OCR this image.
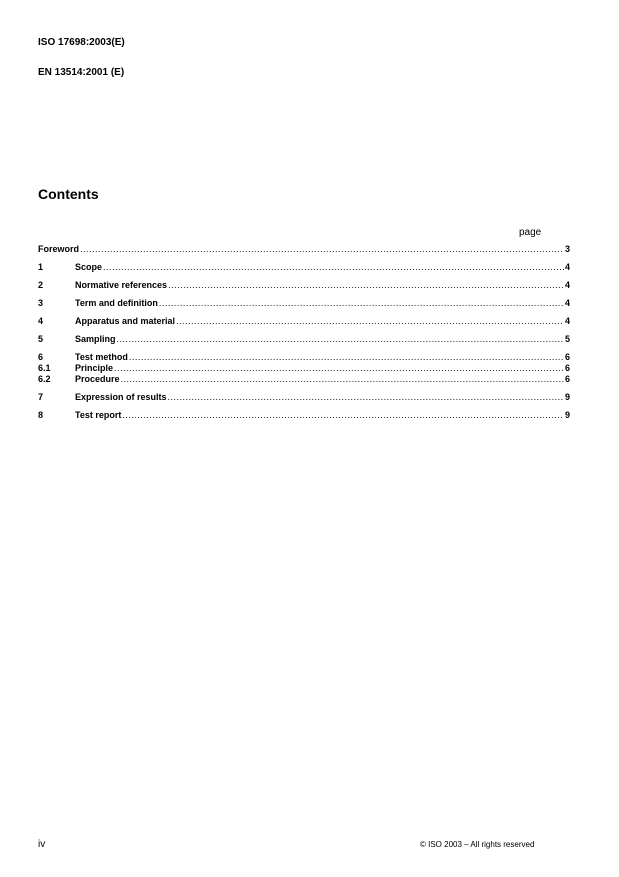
ISO 17698:2003(E)
EN 13514:2001 (E)
Contents
page
Foreword .....	3
1	Scope .....	4
2	Normative references .....	4
3	Term and definition .....	4
4	Apparatus and material .....	4
5	Sampling .....	5
6	Test method .....	6
6.1	Principle .....	6
6.2	Procedure .....	6
7	Expression of results .....	9
8	Test report .....	9
iv	© ISO 2003 – All rights reserved
